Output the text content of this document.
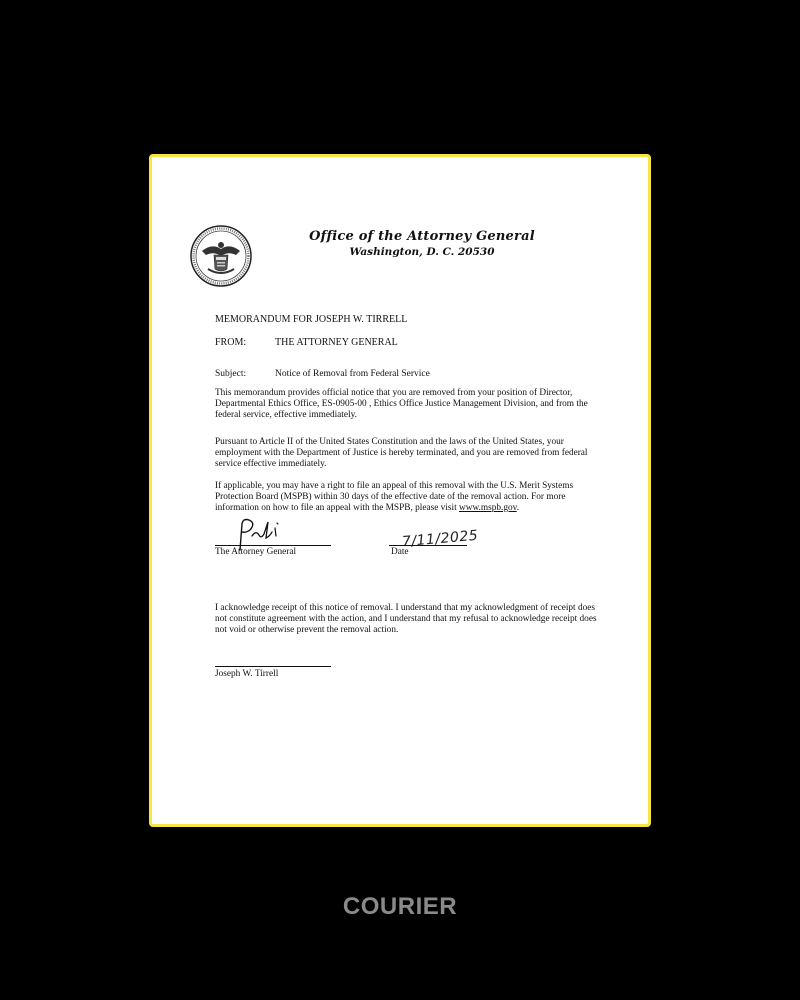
Office of the Attorney General
Washington, D. C. 20530
MEMORANDUM FOR JOSEPH W. TIRRELL
FROM:	THE ATTORNEY GENERAL
Subject:	Notice of Removal from Federal Service
This memorandum provides official notice that you are removed from your position of Director, Departmental Ethics Office, ES-0905-00 , Ethics Office Justice Management Division, and from the federal service, effective immediately.
Pursuant to Article II of the United States Constitution and the laws of the United States, your employment with the Department of Justice is hereby terminated, and you are removed from federal service effective immediately.
If applicable, you may have a right to file an appeal of this removal with the U.S. Merit Systems Protection Board (MSPB) within 30 days of the effective date of the removal action. For more information on how to file an appeal with the MSPB, please visit www.mspb.gov.
The Attorney General
7/11/2025
Date
I acknowledge receipt of this notice of removal. I understand that my acknowledgment of receipt does not constitute agreement with the action, and I understand that my refusal to acknowledge receipt does not void or otherwise prevent the removal action.
Joseph W. Tirrell
COURIER
